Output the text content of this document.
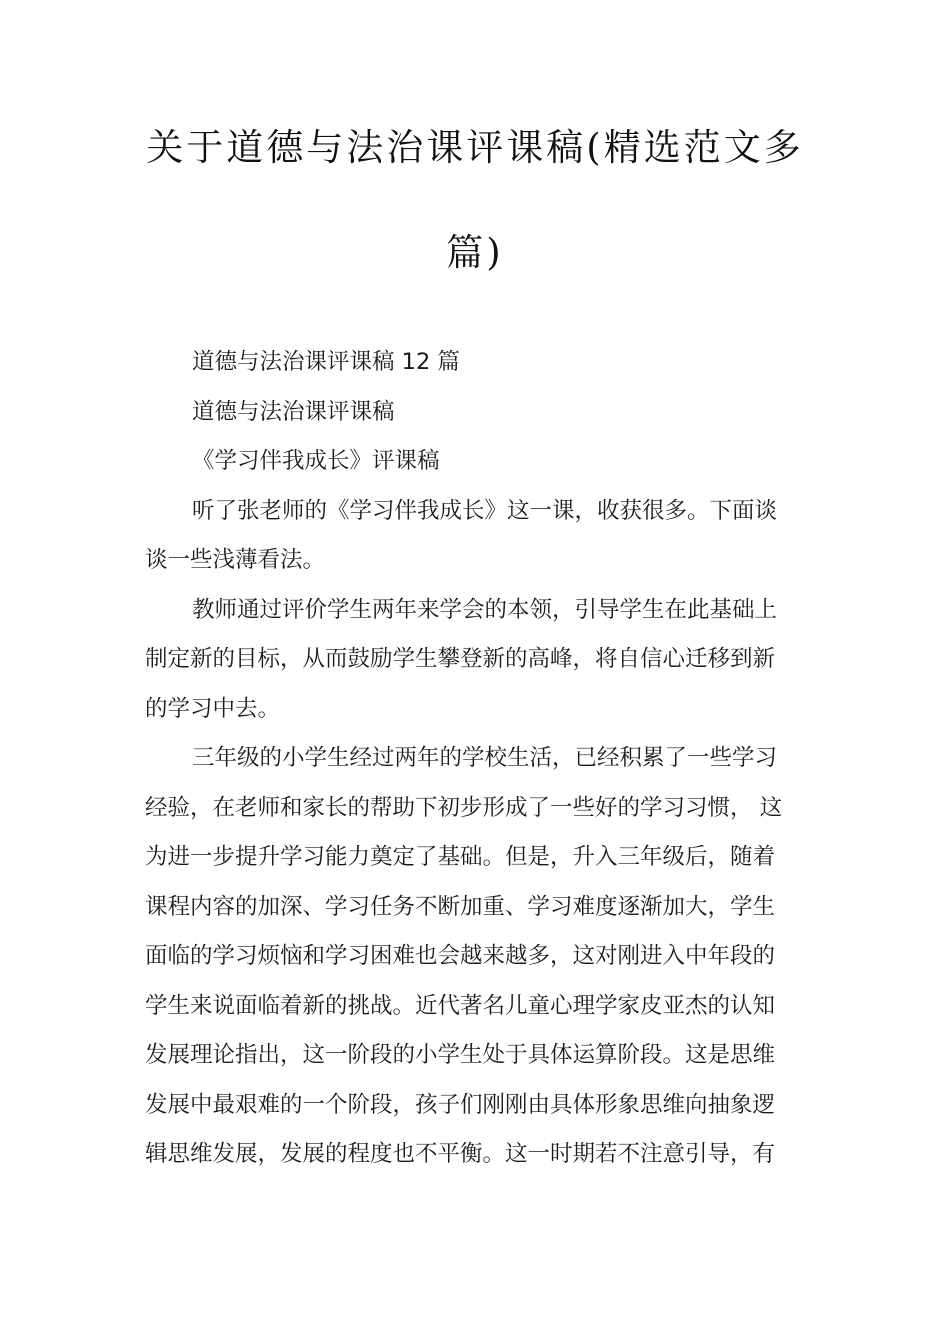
关于道德与法治课评课稿(精选范文多
篇)
道德与法治课评课稿 12 篇
道德与法治课评课稿
《学习伴我成长》评课稿
听了张老师的《学习伴我成长》这一课，收获很多。下面谈
谈一些浅薄看法。
教师通过评价学生两年来学会的本领，引导学生在此基础上
制定新的目标，从而鼓励学生攀登新的高峰，将自信心迁移到新
的学习中去。
三年级的小学生经过两年的学校生活，已经积累了一些学习
经验，在老师和家长的帮助下初步形成了一些好的学习习惯， 这
为进一步提升学习能力奠定了基础。但是，升入三年级后，随着
课程内容的加深、学习任务不断加重、学习难度逐渐加大，学生
面临的学习烦恼和学习困难也会越来越多，这对刚进入中年段的
学生来说面临着新的挑战。近代著名儿童心理学家皮亚杰的认知
发展理论指出，这一阶段的小学生处于具体运算阶段。这是思维
发展中最艰难的一个阶段，孩子们刚刚由具体形象思维向抽象逻
辑思维发展，发展的程度也不平衡。这一时期若不注意引导，有
